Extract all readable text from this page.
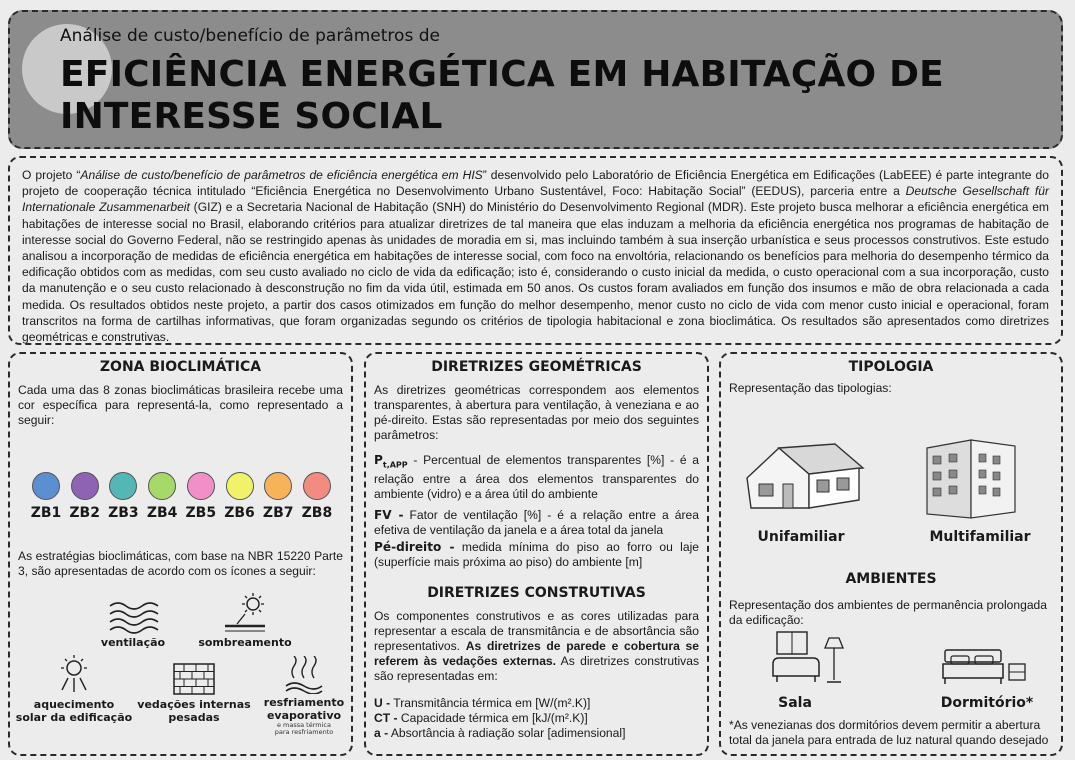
Análise de custo/benefício de parâmetros de
EFICIÊNCIA ENERGÉTICA EM HABITAÇÃO DE
INTERESSE SOCIAL
O projeto “Análise de custo/benefício de parâmetros de eficiência energética em HIS” desenvolvido pelo Laboratório de Eficiência Energética em Edificações (LabEEE) é parte integrante do projeto de cooperação técnica intitulado “Eficiência Energética no Desenvolvimento Urbano Sustentável, Foco: Habitação Social” (EEDUS), parceria entre a Deutsche Gesellschaft für Internationale Zusammenarbeit (GIZ) e a Secretaria Nacional de Habitação (SNH) do Ministério do Desenvolvimento Regional (MDR). Este projeto busca melhorar a eficiência energética em habitações de interesse social no Brasil, elaborando critérios para atualizar diretrizes de tal maneira que elas induzam a melhoria da eficiência energética nos programas de habitação de interesse social do Governo Federal, não se restringido apenas às unidades de moradia em si, mas incluindo também à sua inserção urbanística e seus processos construtivos. Este estudo analisou a incorporação de medidas de eficiência energética em habitações de interesse social, com foco na envoltória, relacionando os benefícios para melhoria do desempenho térmico da edificação obtidos com as medidas, com seu custo avaliado no ciclo de vida da edificação; isto é, considerando o custo inicial da medida, o custo operacional com a sua incorporação, custo da manutenção e o seu custo relacionado à desconstrução no fim da vida útil, estimada em 50 anos. Os custos foram avaliados em função dos insumos e mão de obra relacionada a cada medida. Os resultados obtidos neste projeto, a partir dos casos otimizados em função do melhor desempenho, menor custo no ciclo de vida com menor custo inicial e operacional, foram transcritos na forma de cartilhas informativas, que foram organizadas segundo os critérios de tipologia habitacional e zona bioclimática. Os resultados são apresentados como diretrizes geométricas e construtivas.
ZONA BIOCLIMÁTICA
Cada uma das 8 zonas bioclimáticas brasileira recebe uma cor específica para representá-la, como representado a seguir:
ZB1 ZB2 ZB3 ZB4 ZB5 ZB6 ZB7 ZB8
As estratégias bioclimáticas, com base na NBR 15220 Parte 3, são apresentadas de acordo com os ícones a seguir:
ventilação	sombreamento
aquecimento
solar da edificação
vedações internas
pesadas
resfriamento
evaporativo
e massa térmica
para resfriamento
DIRETRIZES GEOMÉTRICAS
As diretrizes geométricas correspondem aos elementos transparentes, à abertura para ventilação, à veneziana e ao pé-direito. Estas são representadas por meio dos seguintes parâmetros:
$P_{t,APP}$ - Percentual de elementos transparentes [%] - é a relação entre a área dos elementos transparentes do ambiente (vidro) e a área útil do ambiente
FV - Fator de ventilação [%] - é a relação entre a área efetiva de ventilação da janela e a área total da janela
Pé-direito - medida mínima do piso ao forro ou laje (superfície mais próxima ao piso) do ambiente [m]
DIRETRIZES CONSTRUTIVAS
Os componentes construtivos e as cores utilizadas para representar a escala de transmitância e de absortância são representativos. As diretrizes de parede e cobertura se referem às vedações externas. As diretrizes construtivas são representadas em:
U - Transmitância térmica em [W/(m².K)]
CT - Capacidade térmica em [kJ/(m².K)]
a - Absortância à radiação solar [adimensional]
TIPOLOGIA
Representação das tipologias:
Unifamiliar	Multifamiliar
AMBIENTES
Representação dos ambientes de permanência prolongada da edificação:
Sala	Dormitório*
*As venezianas dos dormitórios devem permitir a abertura total da janela para entrada de luz natural quando desejado
